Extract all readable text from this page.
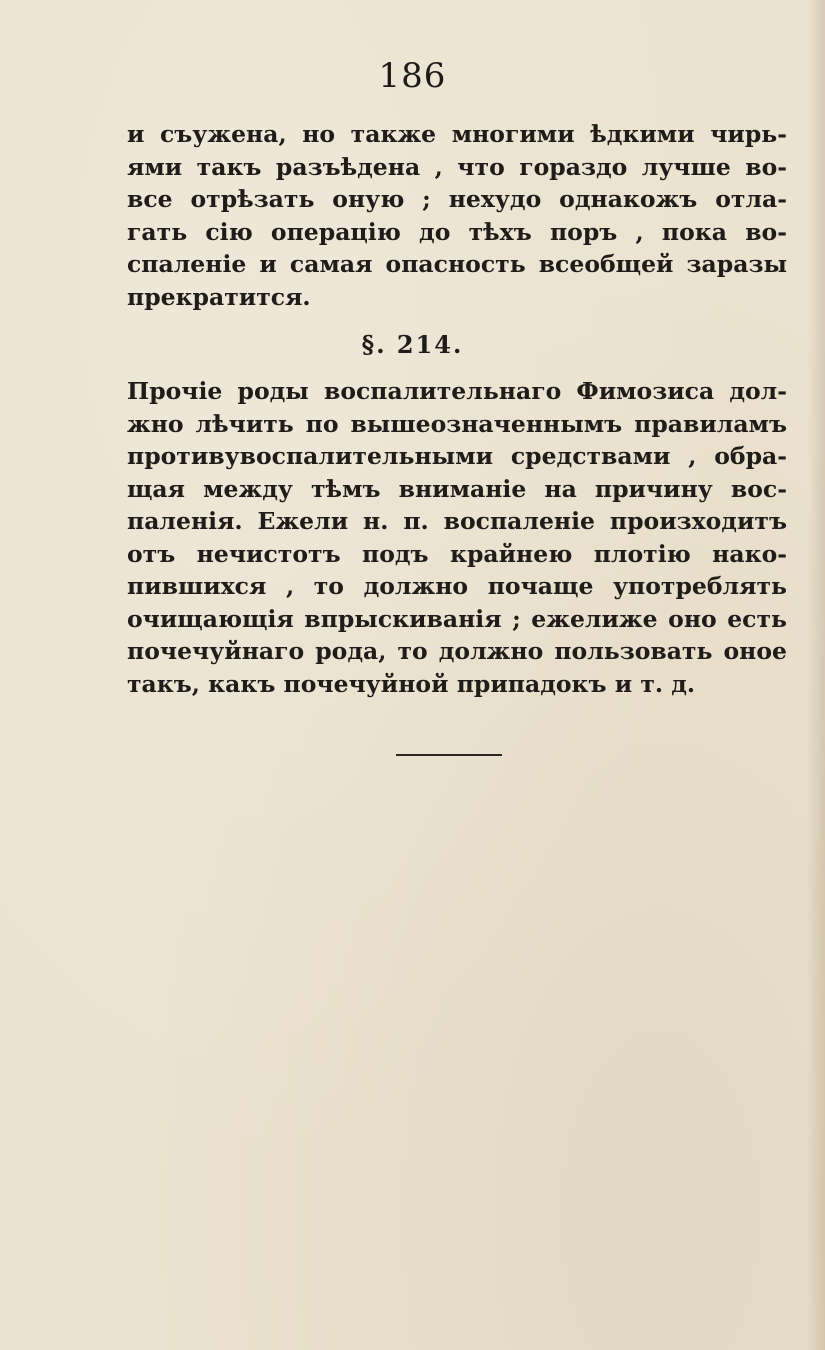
186
и съужена, но также многими ѣдкими чирь-
ями такъ разъѣдена , что гораздо лучше во-
все отрѣзать оную ; нехудо однакожъ отла-
гать сію операцію до тѣхъ поръ , пока во-
спаленіе и самая опасность всеобщей заразы
прекратится.
§. 214.
Прочіе роды воспалительнаго Фимозиса дол-
жно лѣчить по вышеозначеннымъ правиламъ
противувоспалительными средствами , обра-
щая между тѣмъ вниманіе на причину вос-
паленія. Ежели н. п. воспаленіе произходитъ
отъ нечистотъ подъ крайнею плотію нако-
пившихся , то должно почаще употреблять
очищающія впрыскиванія ; ежелиже оно есть
почечуйнаго рода, то должно пользовать оное
такъ, какъ почечуйной припадокъ и т. д.
